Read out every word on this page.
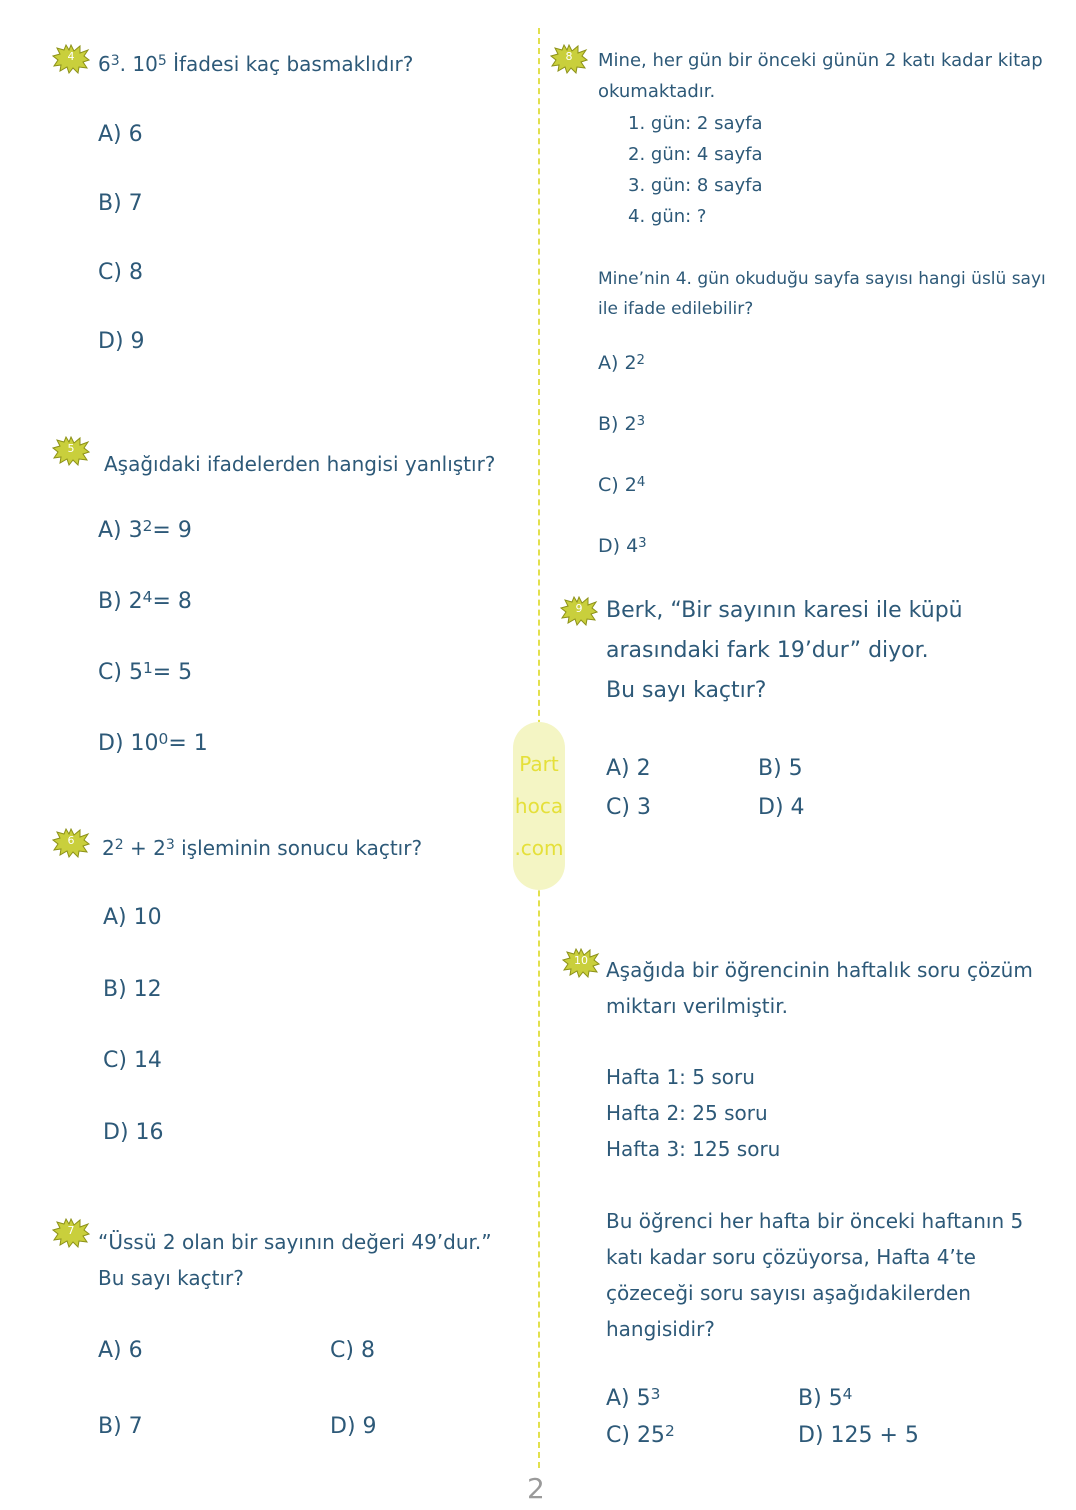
Part
hoca
.com
4	$6^3$. $10^5$ İfadesi kaç basmaklıdır?
A) 6
B) 7
C) 8
D) 9
5
Aşağıdaki ifadelerden hangisi yanlıştır?
A) $3^2= 9$
B) $2^4= 8$
C) $5^1= 5$
D) $10^0= 1$
6	$2^2 + 2^3$ işleminin sonucu kaçtır?
A) 10
B) 12
C) 14
D) 16
7	“Üssü 2 olan bir sayının değeri 49’dur.”
Bu sayı kaçtır?
A) 6	C) 8
B) 7	D) 9
8	Mine, her gün bir önceki günün 2 katı kadar kitap
okumaktadır.
1. gün: 2 sayfa
2. gün: 4 sayfa
3. gün: 8 sayfa
4. gün: ?
Mine’nin 4. gün okuduğu sayfa sayısı hangi üslü sayı
ile ifade edilebilir?
A) $2^2$
B) $2^3$
C) $2^4$
D) $4^3$
9	Berk, “Bir sayının karesi ile küpü
arasındaki fark 19’dur” diyor.
Bu sayı kaçtır?
A) 2	B) 5
C) 3	D) 4
10 Aşağıda bir öğrencinin haftalık soru çözüm
miktarı verilmiştir.
Hafta 1: 5 soru
Hafta 2: 25 soru
Hafta 3: 125 soru
Bu öğrenci her hafta bir önceki haftanın 5
katı kadar soru çözüyorsa, Hafta 4’te
çözeceği soru sayısı aşağıdakilerden
hangisidir?
A) $5^3$	B) $5^4$
C) $25^2$	D) 125 + 5
2
